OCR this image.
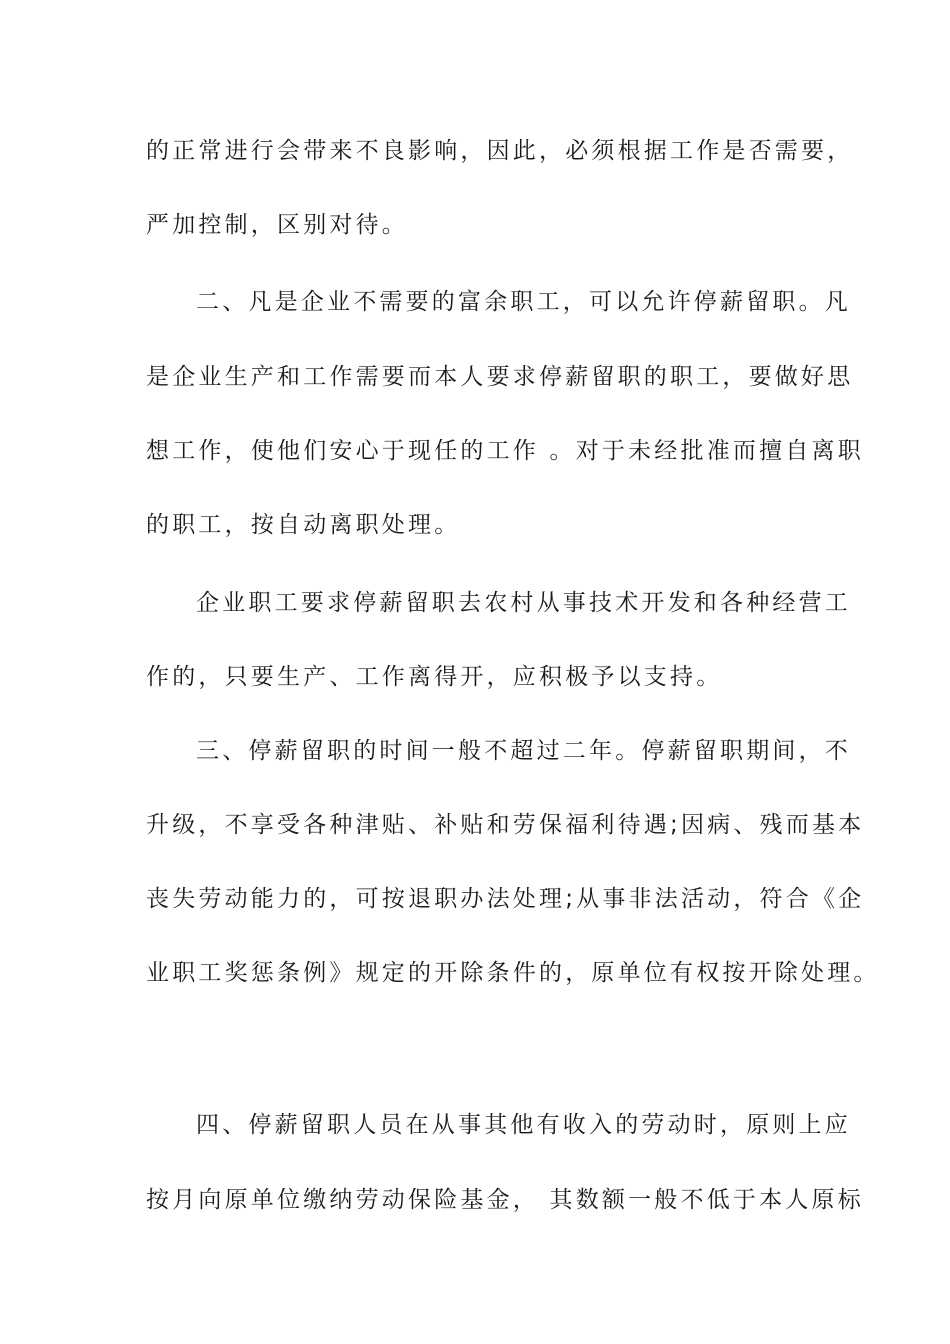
的正常进行会带来不良影响，因此，必须根据工作是否需要，
严加控制，区别对待。
二、凡是企业不需要的富余职工，可以允许停薪留职。凡
是企业生产和工作需要而本人要求停薪留职的职工，要做好思
想工作，使他们安心于现任的工作 。对于未经批准而擅自离职
的职工，按自动离职处理。
企业职工要求停薪留职去农村从事技术开发和各种经营工
作的，只要生产、工作离得开，应积极予以支持。
三、停薪留职的时间一般不超过二年。停薪留职期间，不
升级，不享受各种津贴、补贴和劳保福利待遇;因病、残而基本
丧失劳动能力的，可按退职办法处理;从事非法活动，符合《企
业职工奖惩条例》规定的开除条件的，原单位有权按开除处理。
四、停薪留职人员在从事其他有收入的劳动时，原则上应
按月向原单位缴纳劳动保险基金， 其数额一般不低于本人原标
